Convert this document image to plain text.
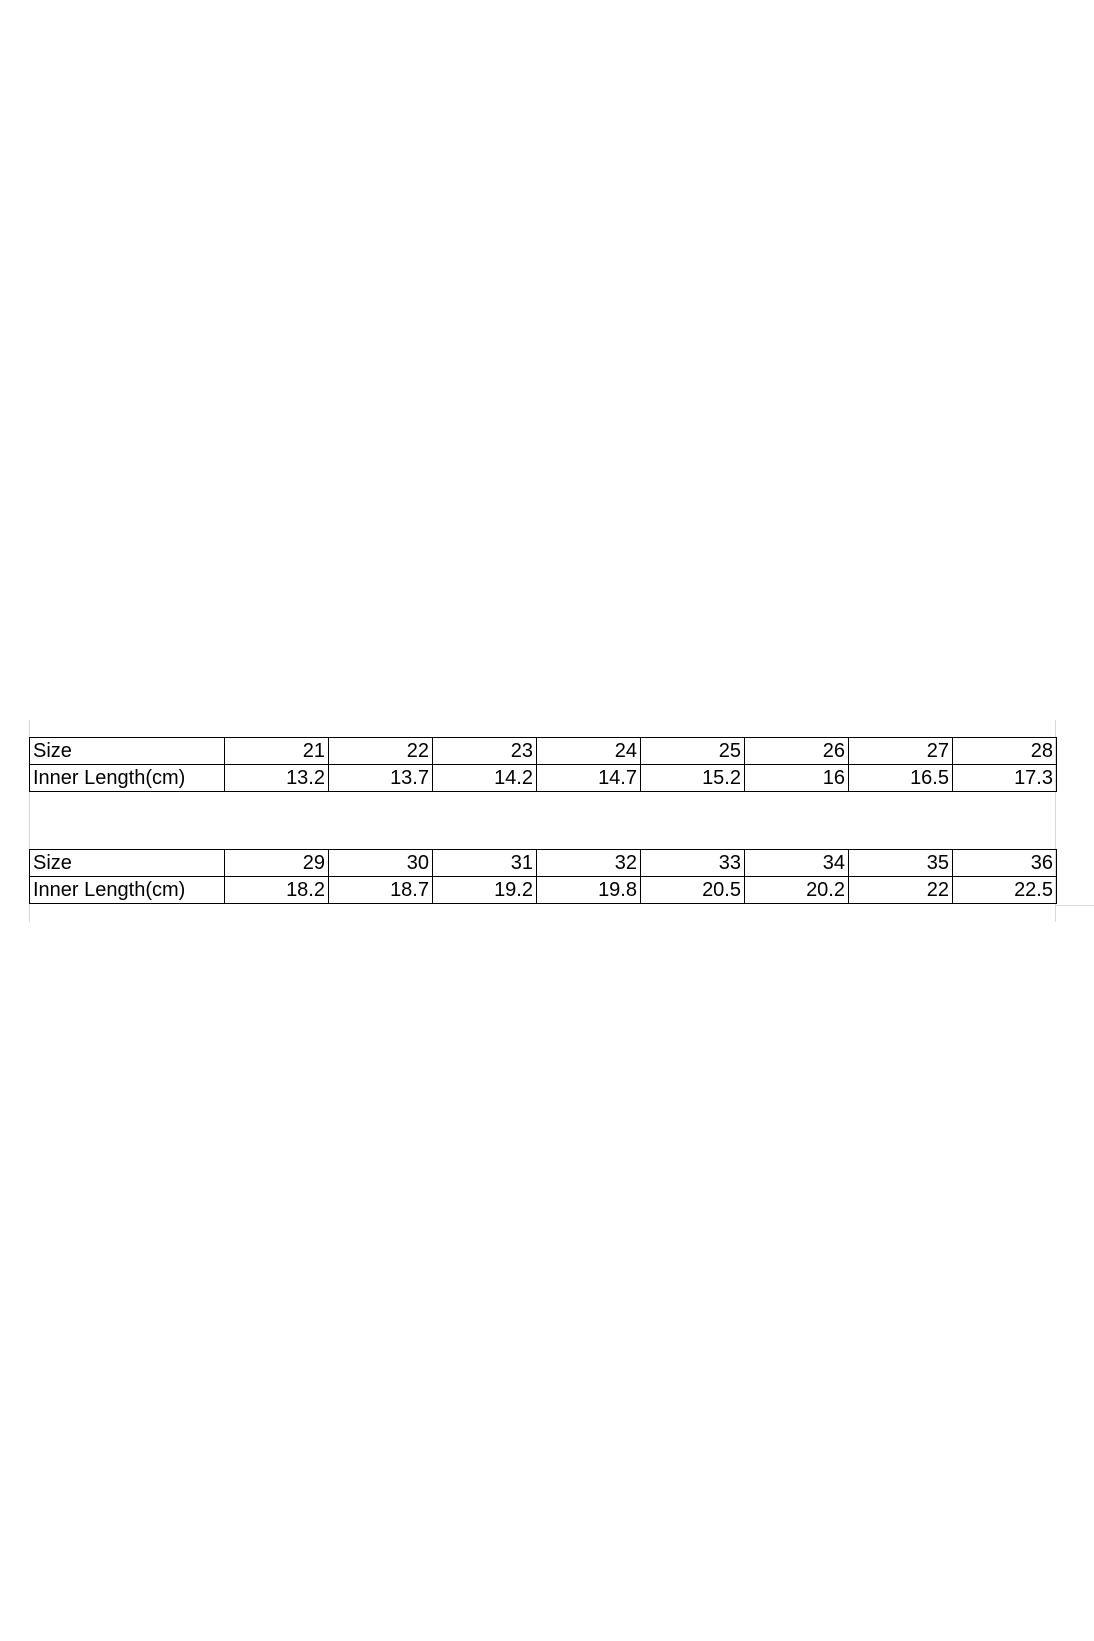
Size	21	22	23	24	25	26	27	28
Inner Length(cm)	13.2	13.7	14.2	14.7	15.2	16	16.5	17.3
Size	29	30	31	32	33	34	35	36
Inner Length(cm)	18.2	18.7	19.2	19.8	20.5	20.2	22	22.5
